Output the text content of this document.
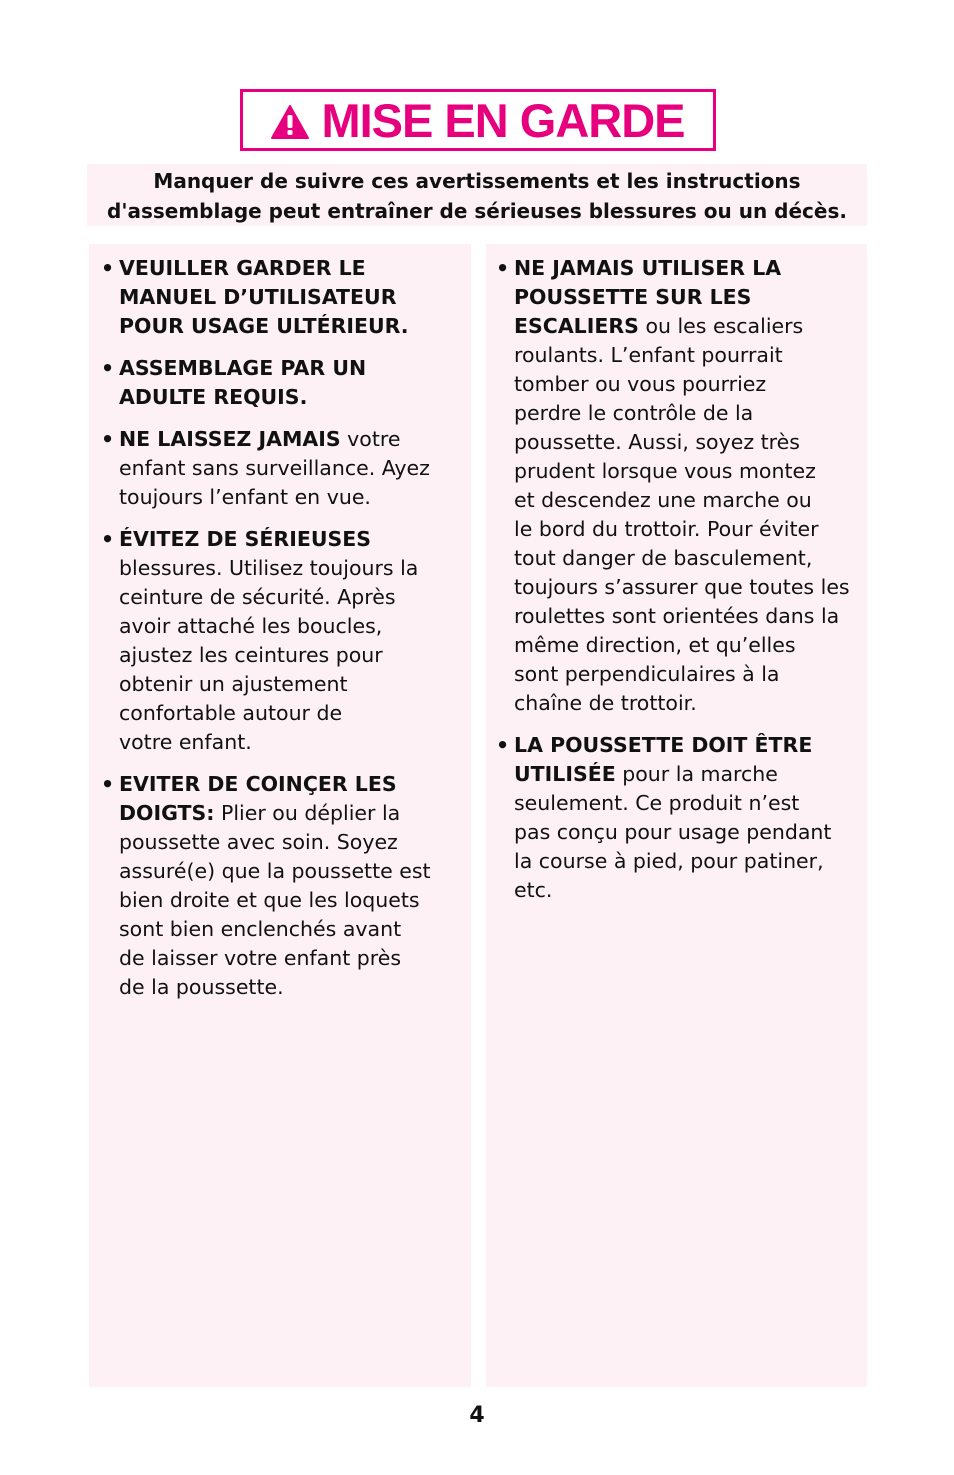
MISE EN GARDE
Manquer de suivre ces avertissements et les instructions
d'assemblage peut entraîner de sérieuses blessures ou un décès.
• VEUILLER GARDER LE
MANUEL D’UTILISATEUR
POUR USAGE ULTÉRIEUR.
• ASSEMBLAGE PAR UN
ADULTE REQUIS.
• NE LAISSEZ JAMAIS votre
enfant sans surveillance. Ayez
toujours l’enfant en vue.
• ÉVITEZ DE SÉRIEUSES
blessures. Utilisez toujours la
ceinture de sécurité. Après
avoir attaché les boucles,
ajustez les ceintures pour
obtenir un ajustement
confortable autour de
votre enfant.
• EVITER DE COINÇER LES
DOIGTS: Plier ou déplier la
poussette avec soin. Soyez
assuré(e) que la poussette est
bien droite et que les loquets
sont bien enclenchés avant
de laisser votre enfant près
de la poussette.
• NE JAMAIS UTILISER LA
POUSSETTE SUR LES
ESCALIERS ou les escaliers
roulants. L’enfant pourrait
tomber ou vous pourriez
perdre le contrôle de la
poussette. Aussi, soyez très
prudent lorsque vous montez
et descendez une marche ou
le bord du trottoir. Pour éviter
tout danger de basculement,
toujours s’assurer que toutes les
roulettes sont orientées dans la
même direction, et qu’elles
sont perpendiculaires à la
chaîne de trottoir.
• LA POUSSETTE DOIT ÊTRE
UTILISÉE pour la marche
seulement. Ce produit n’est
pas conçu pour usage pendant
la course à pied, pour patiner,
etc.
4
